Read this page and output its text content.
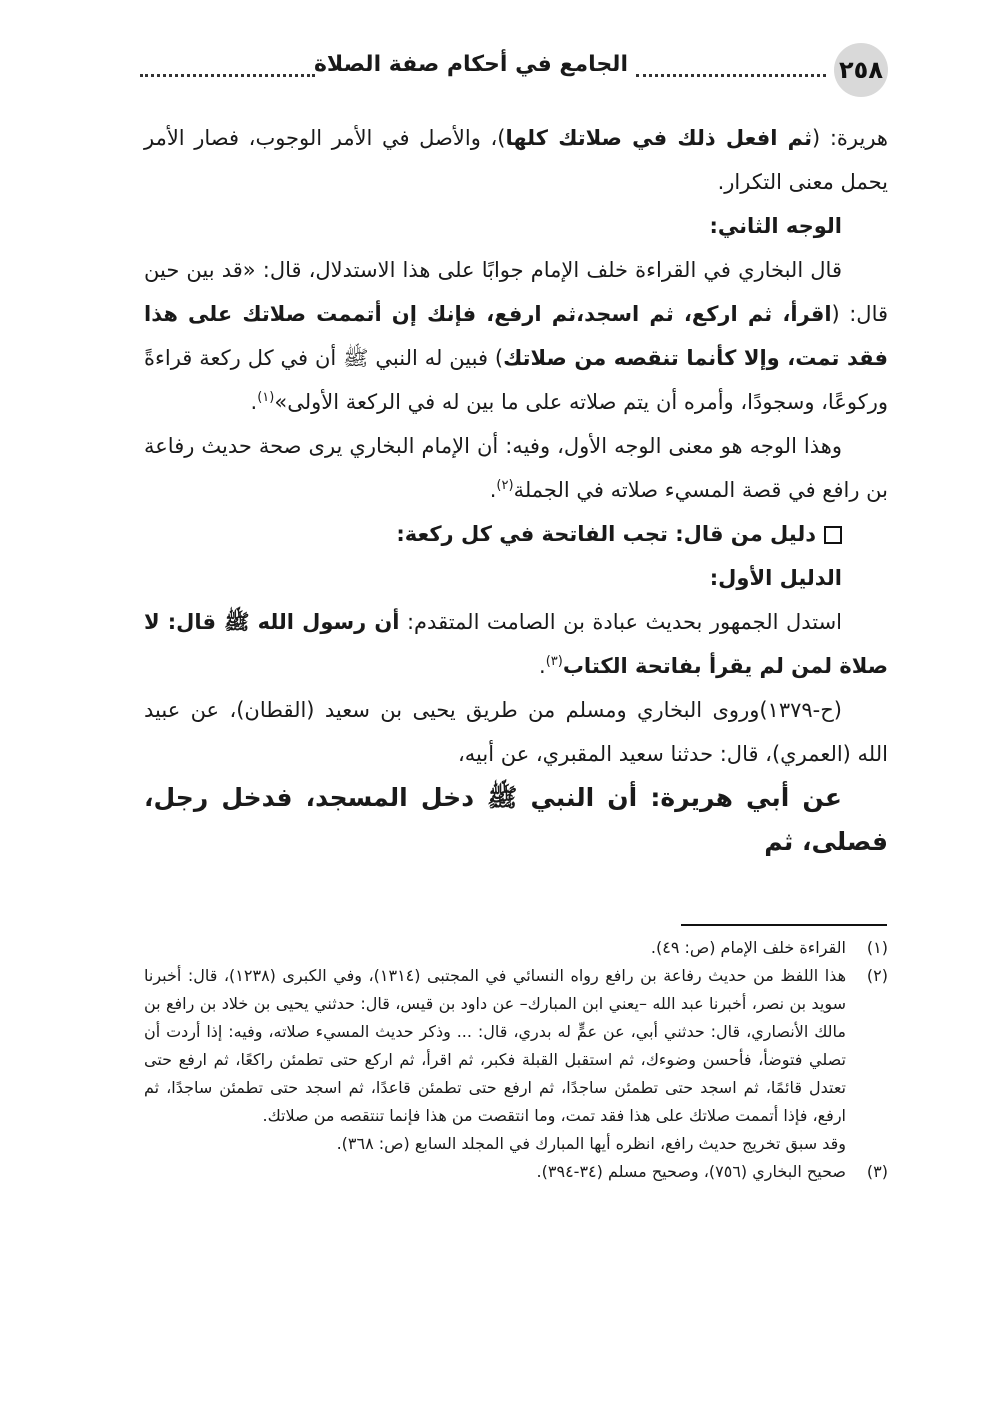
٢٥٨
الجامع في أحكام صفة الصلاة

هريرة: (ثم افعل ذلك في صلاتك كلها)، والأصل في الأمر الوجوب، فصار الأمر يحمل معنى التكرار.

الوجه الثاني:

قال البخاري في القراءة خلف الإمام جوابًا على هذا الاستدلال، قال: «قد بين حين قال: (اقرأ، ثم اركع، ثم اسجد،ثم ارفع، فإنك إن أتممت صلاتك على هذا فقد تمت، وإلا كأنما تنقصه من صلاتك) فبين له النبي ﷺ أن في كل ركعة قراءةً وركوعًا، وسجودًا، وأمره أن يتم صلاته على ما بين له في الركعة الأولى»$^{(١)}$.

وهذا الوجه هو معنى الوجه الأول، وفيه: أن الإمام البخاري يرى صحة حديث رفاعة بن رافع في قصة المسيء صلاته في الجملة$^{(٢)}$.

دليل من قال: تجب الفاتحة في كل ركعة:

الدليل الأول:

استدل الجمهور بحديث عبادة بن الصامت المتقدم: أن رسول الله ﷺ قال: لا صلاة لمن لم يقرأ بفاتحة الكتاب$^{(٣)}$.

(ح-١٣٧٩)وروى البخاري ومسلم من طريق يحيى بن سعيد (القطان)، عن عبيد الله (العمري)، قال: حدثنا سعيد المقبري، عن أبيه،

عن أبي هريرة: أن النبي ﷺ دخل المسجد، فدخل رجل، فصلى، ثم

(١)

القراءة خلف الإمام (ص: ٤٩).

(٢)

هذا اللفظ من حديث رفاعة بن رافع رواه النسائي في المجتبى (١٣١٤)، وفي الكبرى (١٢٣٨)، قال: أخبرنا سويد بن نصر، أخبرنا عبد الله –يعني ابن المبارك– عن داود بن قيس، قال: حدثني يحيى بن خلاد بن رافع بن مالك الأنصاري، قال: حدثني أبي، عن عمٍّ له بدري، قال: ... وذكر حديث المسيء صلاته، وفيه: إذا أردت أن تصلي فتوضأ، فأحسن وضوءك، ثم استقبل القبلة فكبر، ثم اقرأ، ثم اركع حتى تطمئن راكعًا، ثم ارفع حتى تعتدل قائمًا، ثم اسجد حتى تطمئن ساجدًا، ثم ارفع حتى تطمئن قاعدًا، ثم اسجد حتى تطمئن ساجدًا، ثم ارفع، فإذا أتممت صلاتك على هذا فقد تمت، وما انتقصت من هذا فإنما تنتقصه من صلاتك.

وقد سبق تخريج حديث رافع، انظره أيها المبارك في المجلد السابع (ص: ٣٦٨).

(٣)

صحيح البخاري (٧٥٦)، وصحيح مسلم (٣٤-٣٩٤).
